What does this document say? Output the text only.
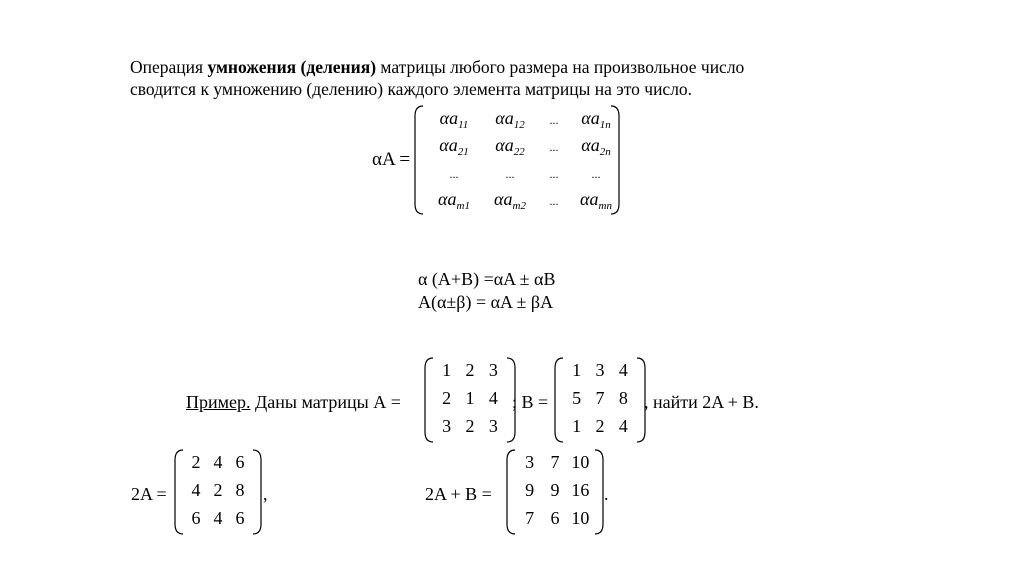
Операция умножения (деления) матрицы любого размера на произвольное число
сводится к умножению (делению) каждого элемента матрицы на это число.
αA =
$\alpha a_{11}$	$\alpha a_{12}$	...	$\alpha a_{1n}$
$\alpha a_{21}$	$\alpha a_{22}$	...	$\alpha a_{2n}$
...	...	...	...
$\alpha a_{m1}$	$\alpha a_{m2}$	...	$\alpha a_{mn}$
α (A+B) =αA ± αB
A(α±β) = αA ± βA
Пример. Даны матрицы А =
1 2 3
2 1 4
3 2 3
; B =
1 3 4
5 7 8
1 2 4
, найти 2A + B.
2A =
2 4 6
4 2 8
6 4 6
,	2A + B =
3 7 10
9 9 16
7 6 10
.
